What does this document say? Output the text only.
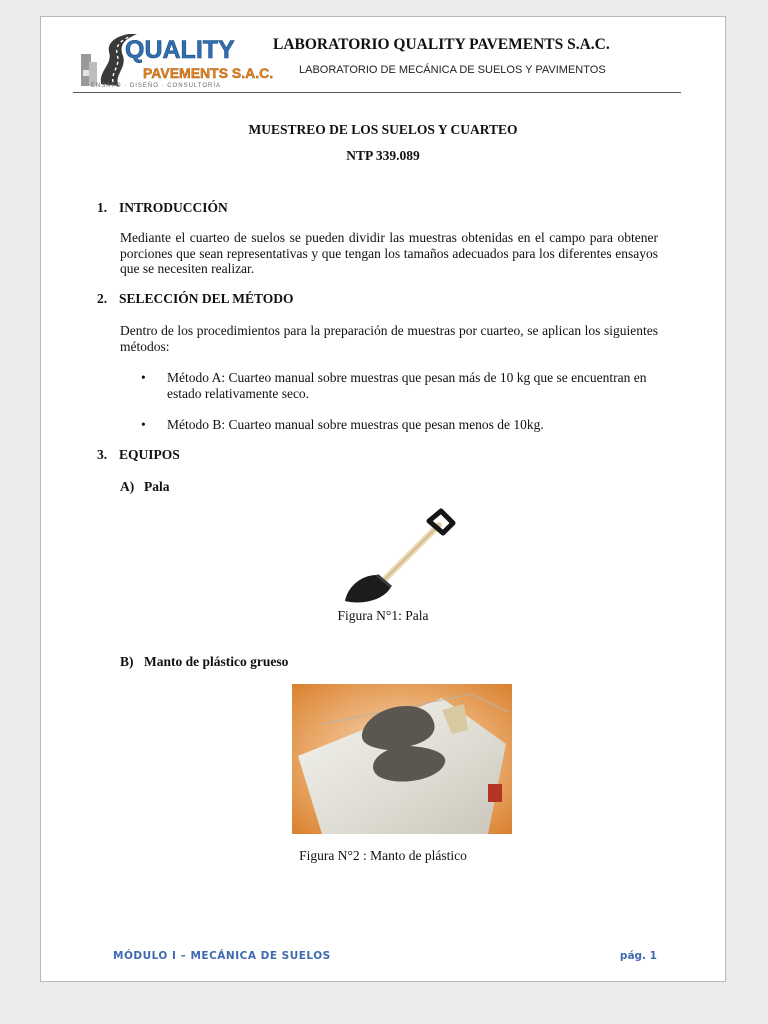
QUALITY
PAVEMENTS S.A.C.
ENSAYO · DISEÑO · CONSULTORÍA
LABORATORIO QUALITY PAVEMENTS S.A.C.
LABORATORIO DE MECÁNICA DE SUELOS Y PAVIMENTOS
MUESTREO DE LOS SUELOS Y CUARTEO
NTP 339.089
1. INTRODUCCIÓN

Mediante el cuarteo de suelos se pueden dividir las muestras obtenidas en el campo para obtener porciones que sean representativas y que tengan los tamaños adecuados para los diferentes ensayos que se necesiten realizar.

2. SELECCIÓN DEL MÉTODO

Dentro de los procedimientos para la preparación de muestras por cuarteo, se aplican los siguientes métodos:

• Método A: Cuarteo manual sobre muestras que pesan más de 10 kg que se encuentran en estado relativamente seco.
• Método B: Cuarteo manual sobre muestras que pesan menos de 10kg.
3. EQUIPOS
A) Pala
Figura N°1: Pala
B) Manto de plástico grueso
Figura N°2 : Manto de plástico
MÓDULO I – MECÁNICA DE SUELOS	pág. 1
